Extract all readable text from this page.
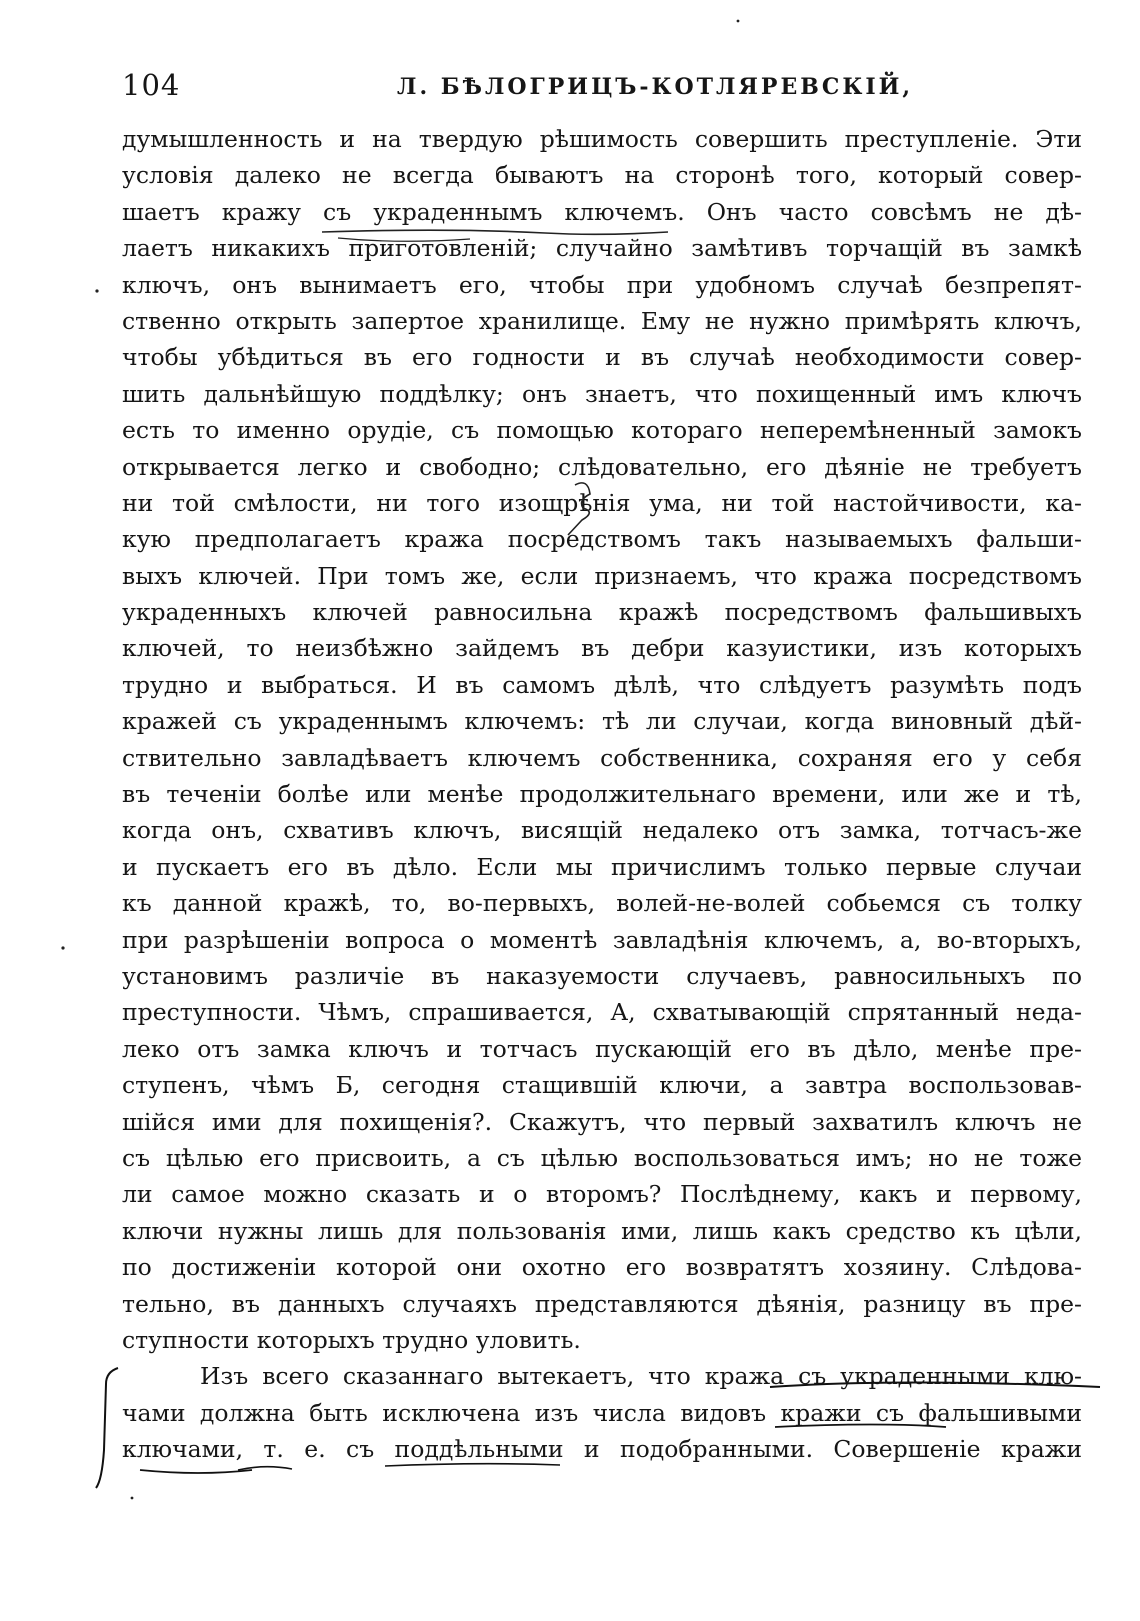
104	Л. БѢЛОГРИЦЪ-КОТЛЯРЕВСКІЙ,
думышленность и на твердую рѣшимость совершить преступленіе. Эти
условія далеко не всегда бываютъ на сторонѣ того, который совер-
шаетъ кражу съ украденнымъ ключемъ. Онъ часто совсѣмъ не дѣ-
лаетъ никакихъ приготовленій; случайно замѣтивъ торчащій въ замкѣ
ключъ, онъ вынимаетъ его, чтобы при удобномъ случаѣ безпрепят-
ственно открыть запертое хранилище. Ему не нужно примѣрять ключъ,
чтобы убѣдиться въ его годности и въ случаѣ необходимости совер-
шить дальнѣйшую поддѣлку; онъ знаетъ, что похищенный имъ ключъ
есть то именно орудіе, съ помощью котораго неперемѣненный замокъ
открывается легко и свободно; слѣдовательно, его дѣяніе не требуетъ
ни той смѣлости, ни того изощрѣнія ума, ни той настойчивости, ка-
кую предполагаетъ кража посредствомъ такъ называемыхъ фальши-
выхъ ключей. При томъ же, если признаемъ, что кража посредствомъ
украденныхъ ключей равносильна кражѣ посредствомъ фальшивыхъ
ключей, то неизбѣжно зайдемъ въ дебри казуистики, изъ которыхъ
трудно и выбраться. И въ самомъ дѣлѣ, что слѣдуетъ разумѣть подъ
кражей съ украденнымъ ключемъ: тѣ ли случаи, когда виновный дѣй-
ствительно завладѣваетъ ключемъ собственника, сохраняя его у себя
въ теченіи болѣе или менѣе продолжительнаго времени, или же и тѣ,
когда онъ, схвативъ ключъ, висящій недалеко отъ замка, тотчасъ-же
и пускаетъ его въ дѣло. Если мы причислимъ только первые случаи
къ данной кражѣ, то, во-первыхъ, волей-не-волей собьемся съ толку
при разрѣшеніи вопроса о моментѣ завладѣнія ключемъ, а, во-вторыхъ,
установимъ различіе въ наказуемости случаевъ, равносильныхъ по
преступности. Чѣмъ, спрашивается, А, схватывающій спрятанный неда-
леко отъ замка ключъ и тотчасъ пускающій его въ дѣло, менѣе пре-
ступенъ, чѣмъ Б, сегодня стащившій ключи, а завтра воспользовав-
шійся ими для похищенія?. Скажутъ, что первый захватилъ ключъ не
съ цѣлью его присвоить, а съ цѣлью воспользоваться имъ; но не тоже
ли самое можно сказать и о второмъ? Послѣднему, какъ и первому,
ключи нужны лишь для пользованія ими, лишь какъ средство къ цѣли,
по достиженіи которой они охотно его возвратятъ хозяину. Слѣдова-
тельно, въ данныхъ случаяхъ представляются дѣянія, разницу въ пре-
ступности которыхъ трудно уловить.
Изъ всего сказаннаго вытекаетъ, что кража съ украденными клю-
чами должна быть исключена изъ числа видовъ кражи съ фальшивыми
ключами, т. е. съ поддѣльными и подобранными. Совершеніе кражи
